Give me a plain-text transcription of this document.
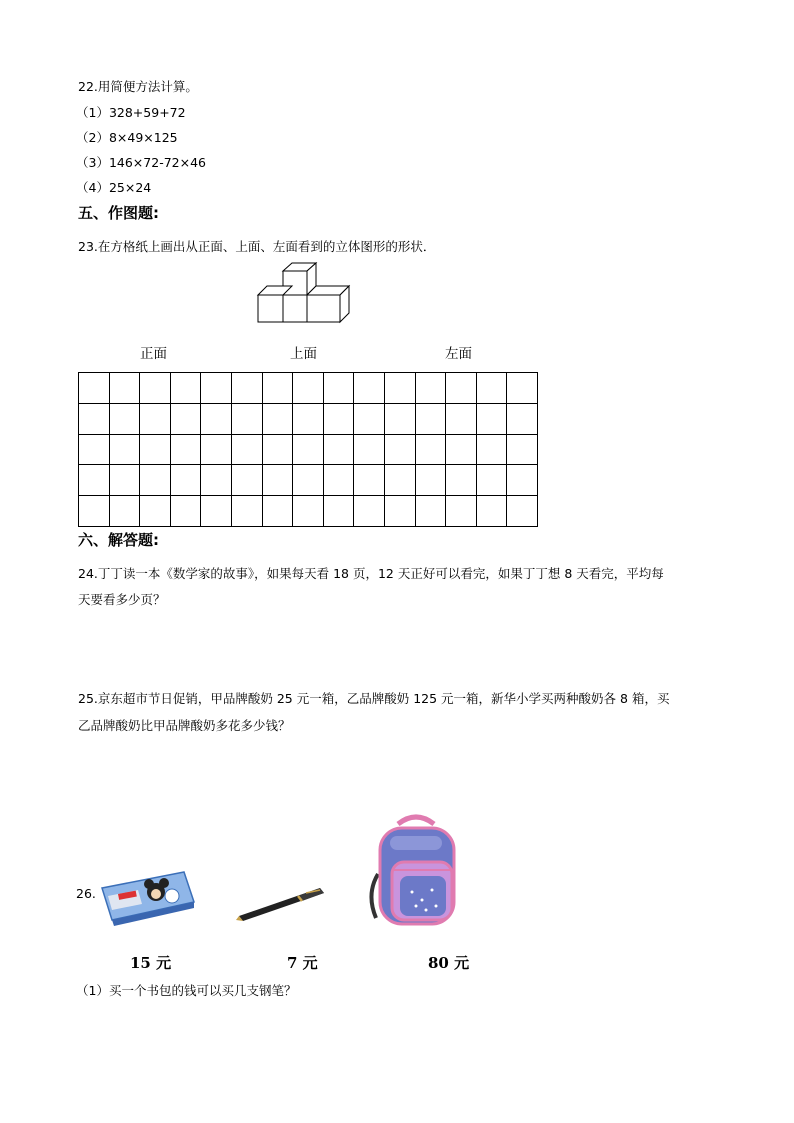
22.用简便方法计算。
（1）328+59+72
（2）8×49×125
（3）146×72-72×46
（4）25×24
五、作图题:
23.在方格纸上画出从正面、上面、左面看到的立体图形的形状．
正面	上面	左面

六、解答题:
24.丁丁读一本《数学家的故事》，如果每天看 18 页，12 天正好可以看完，如果丁丁想 8 天看完，平均每
天要看多少页？
25.京东超市节日促销，甲品牌酸奶 25 元一箱，乙品牌酸奶 125 元一箱，新华小学买两种酸奶各 8 箱，买
乙品牌酸奶比甲品牌酸奶多花多少钱？
26.
15 元	7 元	80 元
（1）买一个书包的钱可以买几支钢笔？
